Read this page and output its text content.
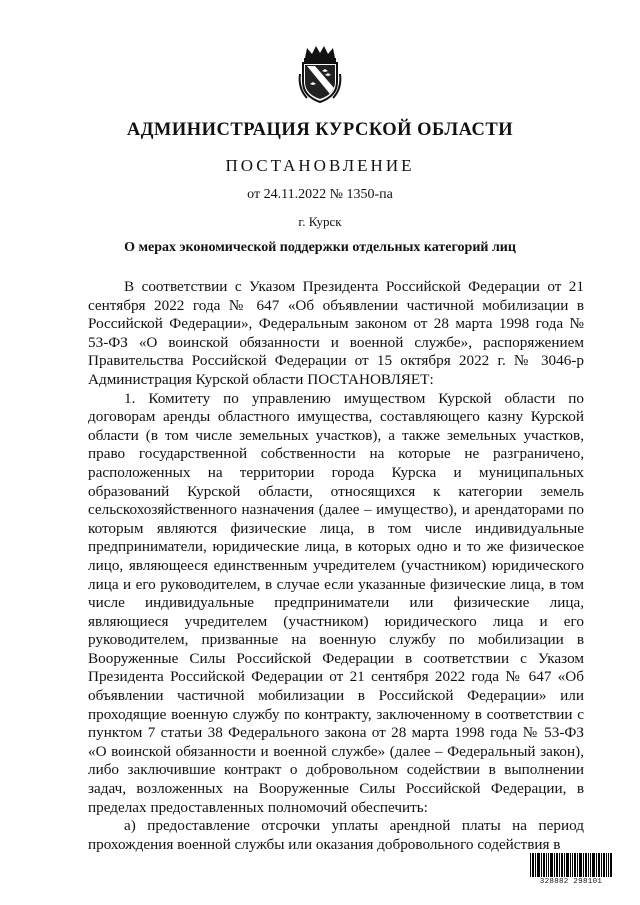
АДМИНИСТРАЦИЯ КУРСКОЙ ОБЛАСТИ
ПОСТАНОВЛЕНИЕ
от 24.11.2022 № 1350-па
г. Курск
О мерах экономической поддержки отдельных категорий лиц

В соответствии с Указом Президента Российской Федерации от 21 сентября 2022 года № 647 «Об объявлении частичной мобилизации в Российской Федерации», Федеральным законом от 28 марта 1998 года № 53-ФЗ «О воинской обязанности и военной службе», распоряжением Правительства Российской Федерации от 15 октября 2022 г. № 3046-р Администрация Курской области ПОСТАНОВЛЯЕТ:

1. Комитету по управлению имуществом Курской области по договорам аренды областного имущества, составляющего казну Курской области (в том числе земельных участков), а также земельных участков, право государственной собственности на которые не разграничено, расположенных на территории города Курска и муниципальных образований Курской области, относящихся к категории земель сельскохозяйственного назначения (далее – имущество), и арендаторами по которым являются физические лица, в том числе индивидуальные предприниматели, юридические лица, в которых одно и то же физическое лицо, являющееся единственным учредителем (участником) юридического лица и его руководителем, в случае если указанные физические лица, в том числе индивидуальные предприниматели или физические лица, являющиеся учредителем (участником) юридического лица и его руководителем, призванные на военную службу по мобилизации в Вооруженные Силы Российской Федерации в соответствии с Указом Президента Российской Федерации от 21 сентября 2022 года № 647 «Об объявлении частичной мобилизации в Российской Федерации» или проходящие военную службу по контракту, заключенному в соответствии с пунктом 7 статьи 38 Федерального закона от 28 марта 1998 года № 53-ФЗ «О воинской обязанности и военной службе» (далее – Федеральный закон), либо заключившие контракт о добровольном содействии в выполнении задач, возложенных на Вооруженные Силы Российской Федерации, в пределах предоставленных полномочий обеспечить:

а) предоставление отсрочки уплаты арендной платы на период прохождения военной службы или оказания добровольного содействия в

328882 298101
